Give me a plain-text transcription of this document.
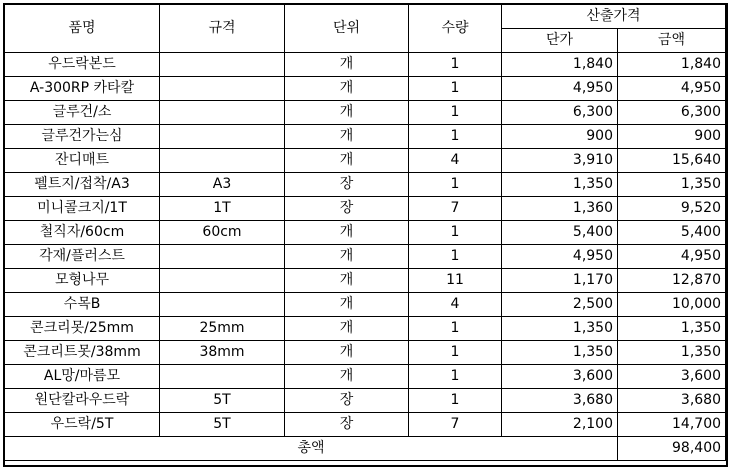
품명	규격	단위	수량	산출가격	
				단가	금액
우드락본드		개	1	1,840	1,840
A-300RP 카타칼		개	1	4,950	4,950
글루건/소		개	1	6,300	6,300
글루건가는심		개	1	900	900
잔디매트		개	4	3,910	15,640
펠트지/접착/A3	A3	장	1	1,350	1,350
미니콜크지/1T	1T	장	7	1,360	9,520
철직자/60cm	60cm	개	1	5,400	5,400
각재/플러스트		개	1	4,950	4,950
모형나무		개	11	1,170	12,870
수목B		개	4	2,500	10,000
콘크리못/25mm	25mm	개	1	1,350	1,350
콘크리트못/38mm	38mm	개	1	1,350	1,350
AL망/마름모		개	1	3,600	3,600
원단칼라우드락	5T	장	1	3,680	3,680
우드락/5T	5T	장	7	2,100	14,700
총액					98,400
